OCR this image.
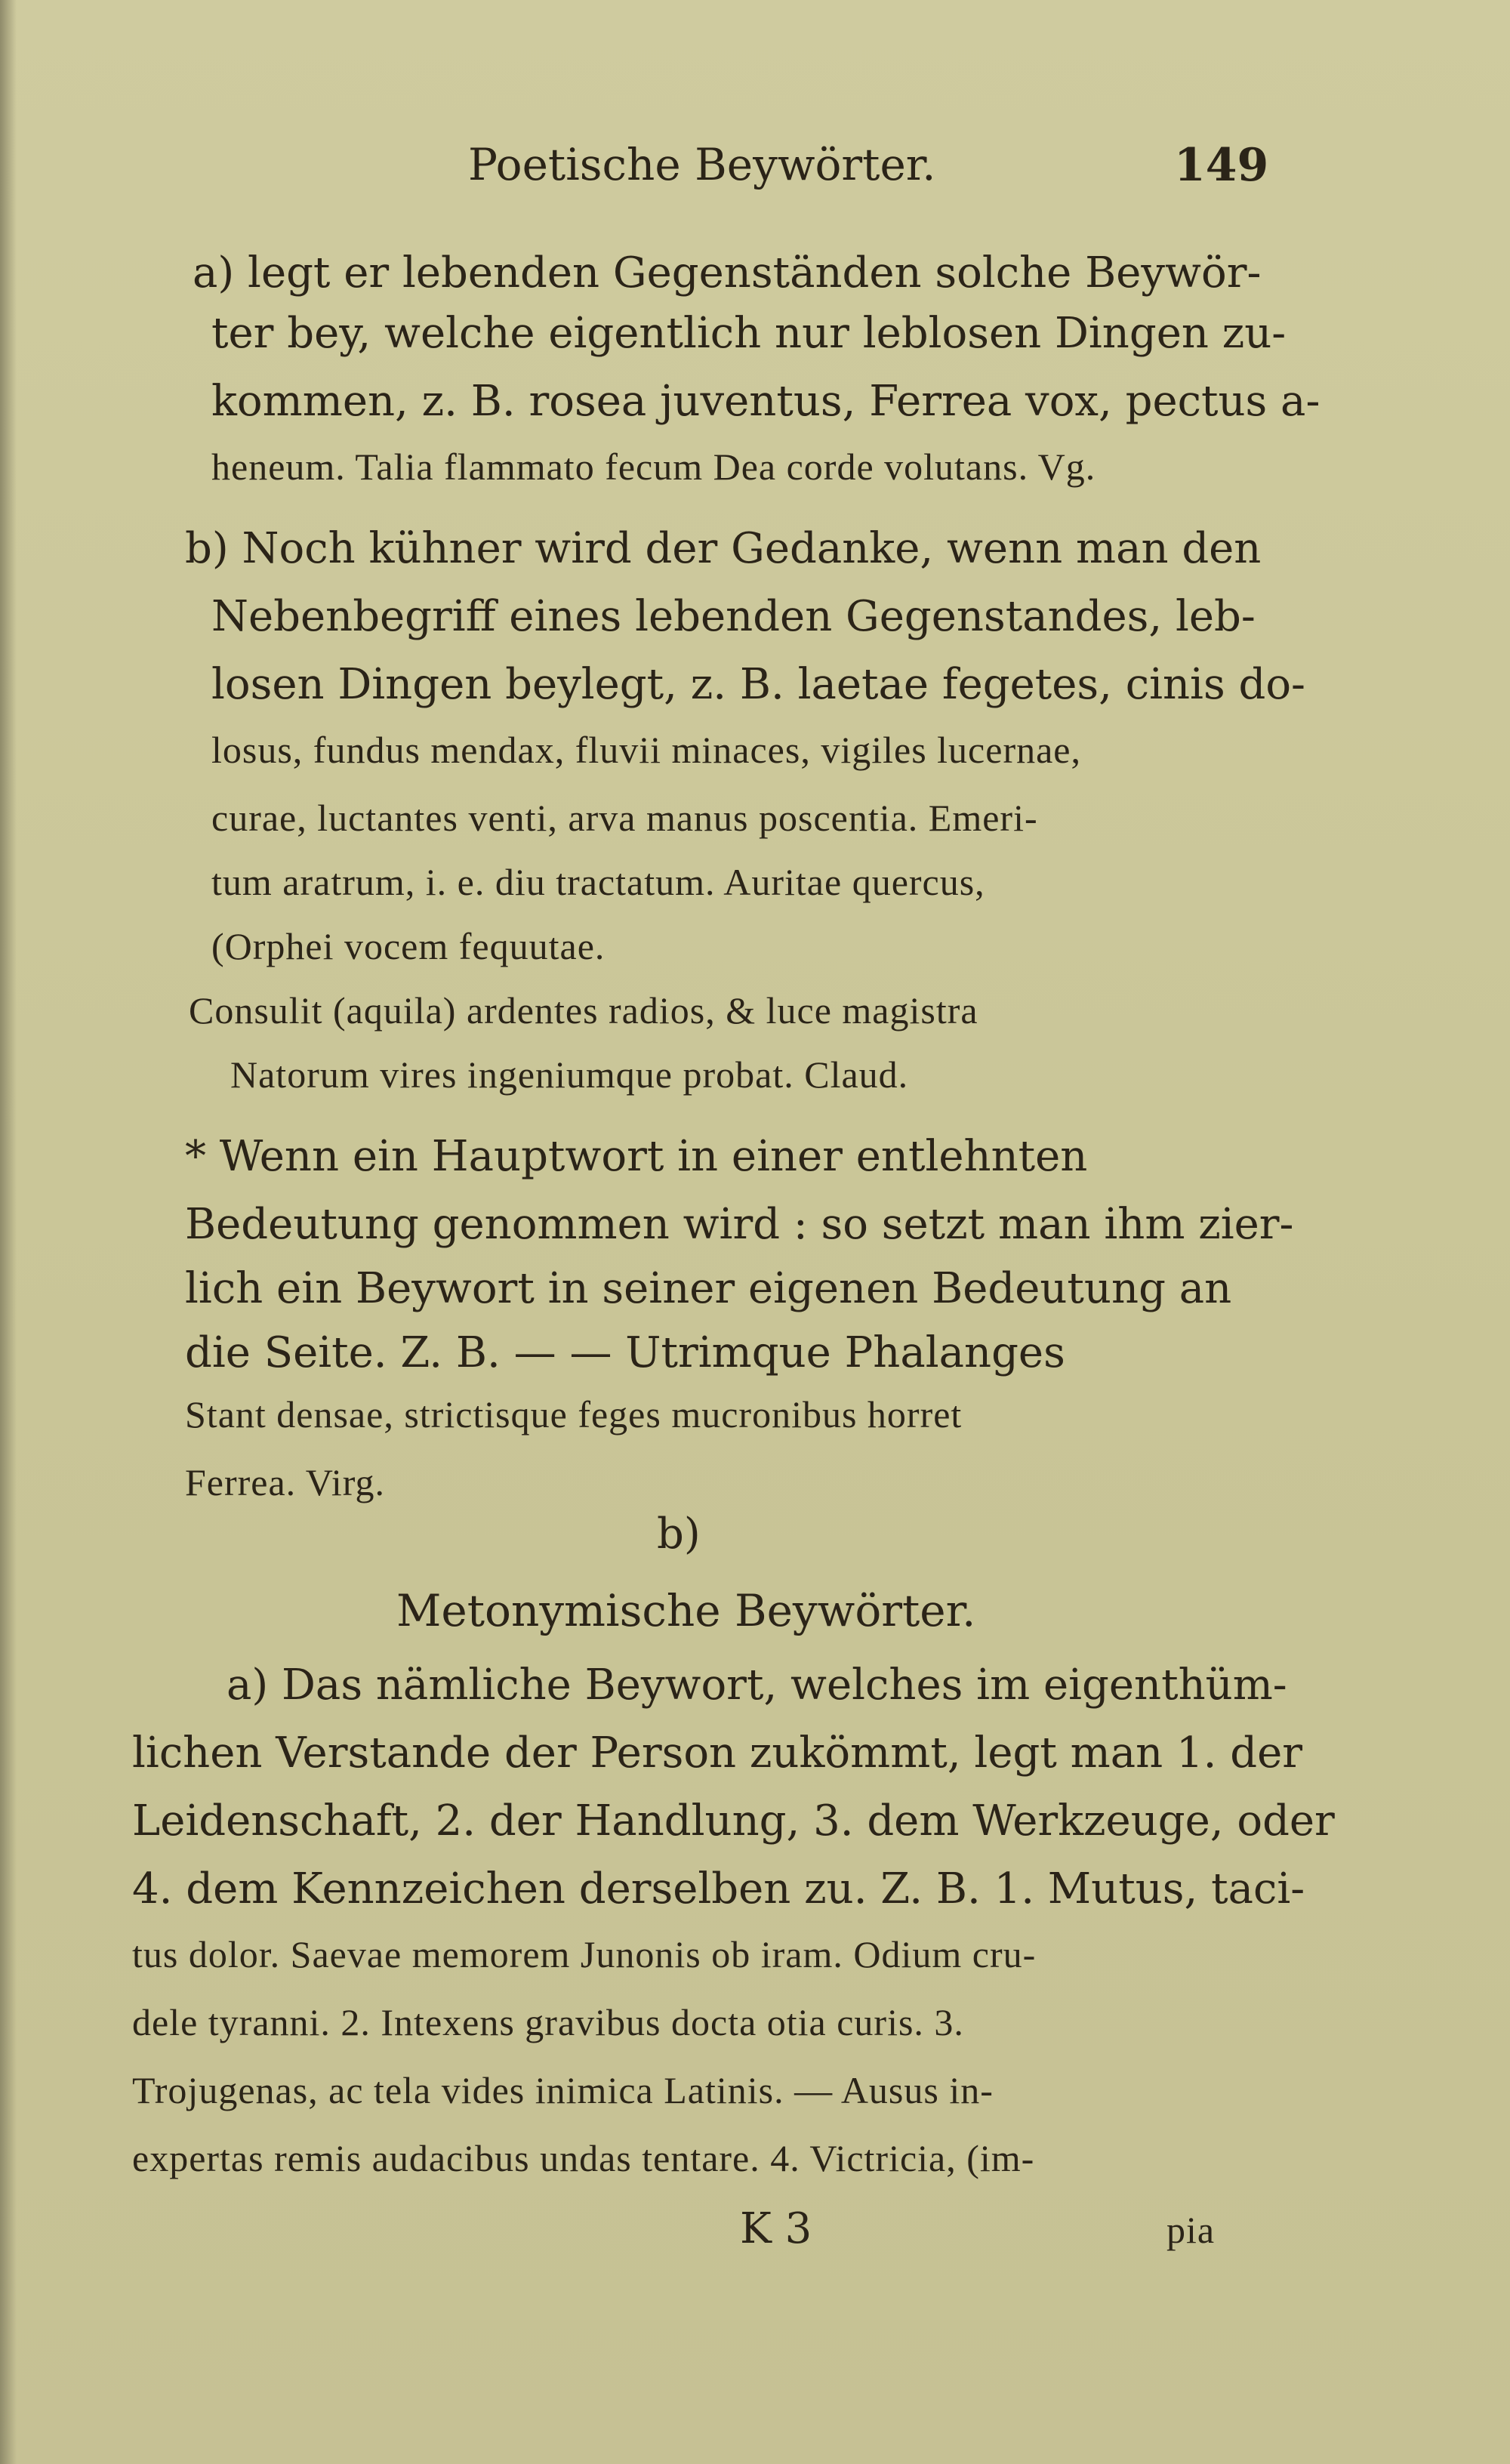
Poetische Beywörter.	149
a) legt er lebenden Gegenständen solche Beywör-
ter bey, welche eigentlich nur leblosen Dingen zu-
kommen, z. B. rosea juventus, Ferrea vox, pectus a-
heneum. Talia flammato fecum Dea corde volutans. Vg.
b) Noch kühner wird der Gedanke, wenn man den
Nebenbegriff eines lebenden Gegenstandes, leb-
losen Dingen beylegt, z. B. laetae fegetes, cinis do-
losus, fundus mendax, fluvii minaces, vigiles lucernae,
curae, luctantes venti, arva manus poscentia. Emeri-
tum aratrum, i. e. diu tractatum. Auritae quercus,
(Orphei vocem fequutae.
Consulit (aquila) ardentes radios, & luce magistra
Natorum vires ingeniumque probat. Claud.
* Wenn ein Hauptwort in einer entlehnten
Bedeutung genommen wird : so setzt man ihm zier-
lich ein Beywort in seiner eigenen Bedeutung an
die Seite. Z. B. — — Utrimque Phalanges
Stant densae, strictisque feges mucronibus horret
Ferrea. Virg.
b)
Metonymische Beywörter.
a) Das nämliche Beywort, welches im eigenthüm-
lichen Verstande der Person zukömmt, legt man 1. der
Leidenschaft, 2. der Handlung, 3. dem Werkzeuge, oder
4. dem Kennzeichen derselben zu. Z. B. 1. Mutus, taci-
tus dolor. Saevae memorem Junonis ob iram. Odium cru-
dele tyranni. 2. Intexens gravibus docta otia curis. 3.
Trojugenas, ac tela vides inimica Latinis. — Ausus in-
expertas remis audacibus undas tentare. 4. Victricia, (im-
K 3	pia
